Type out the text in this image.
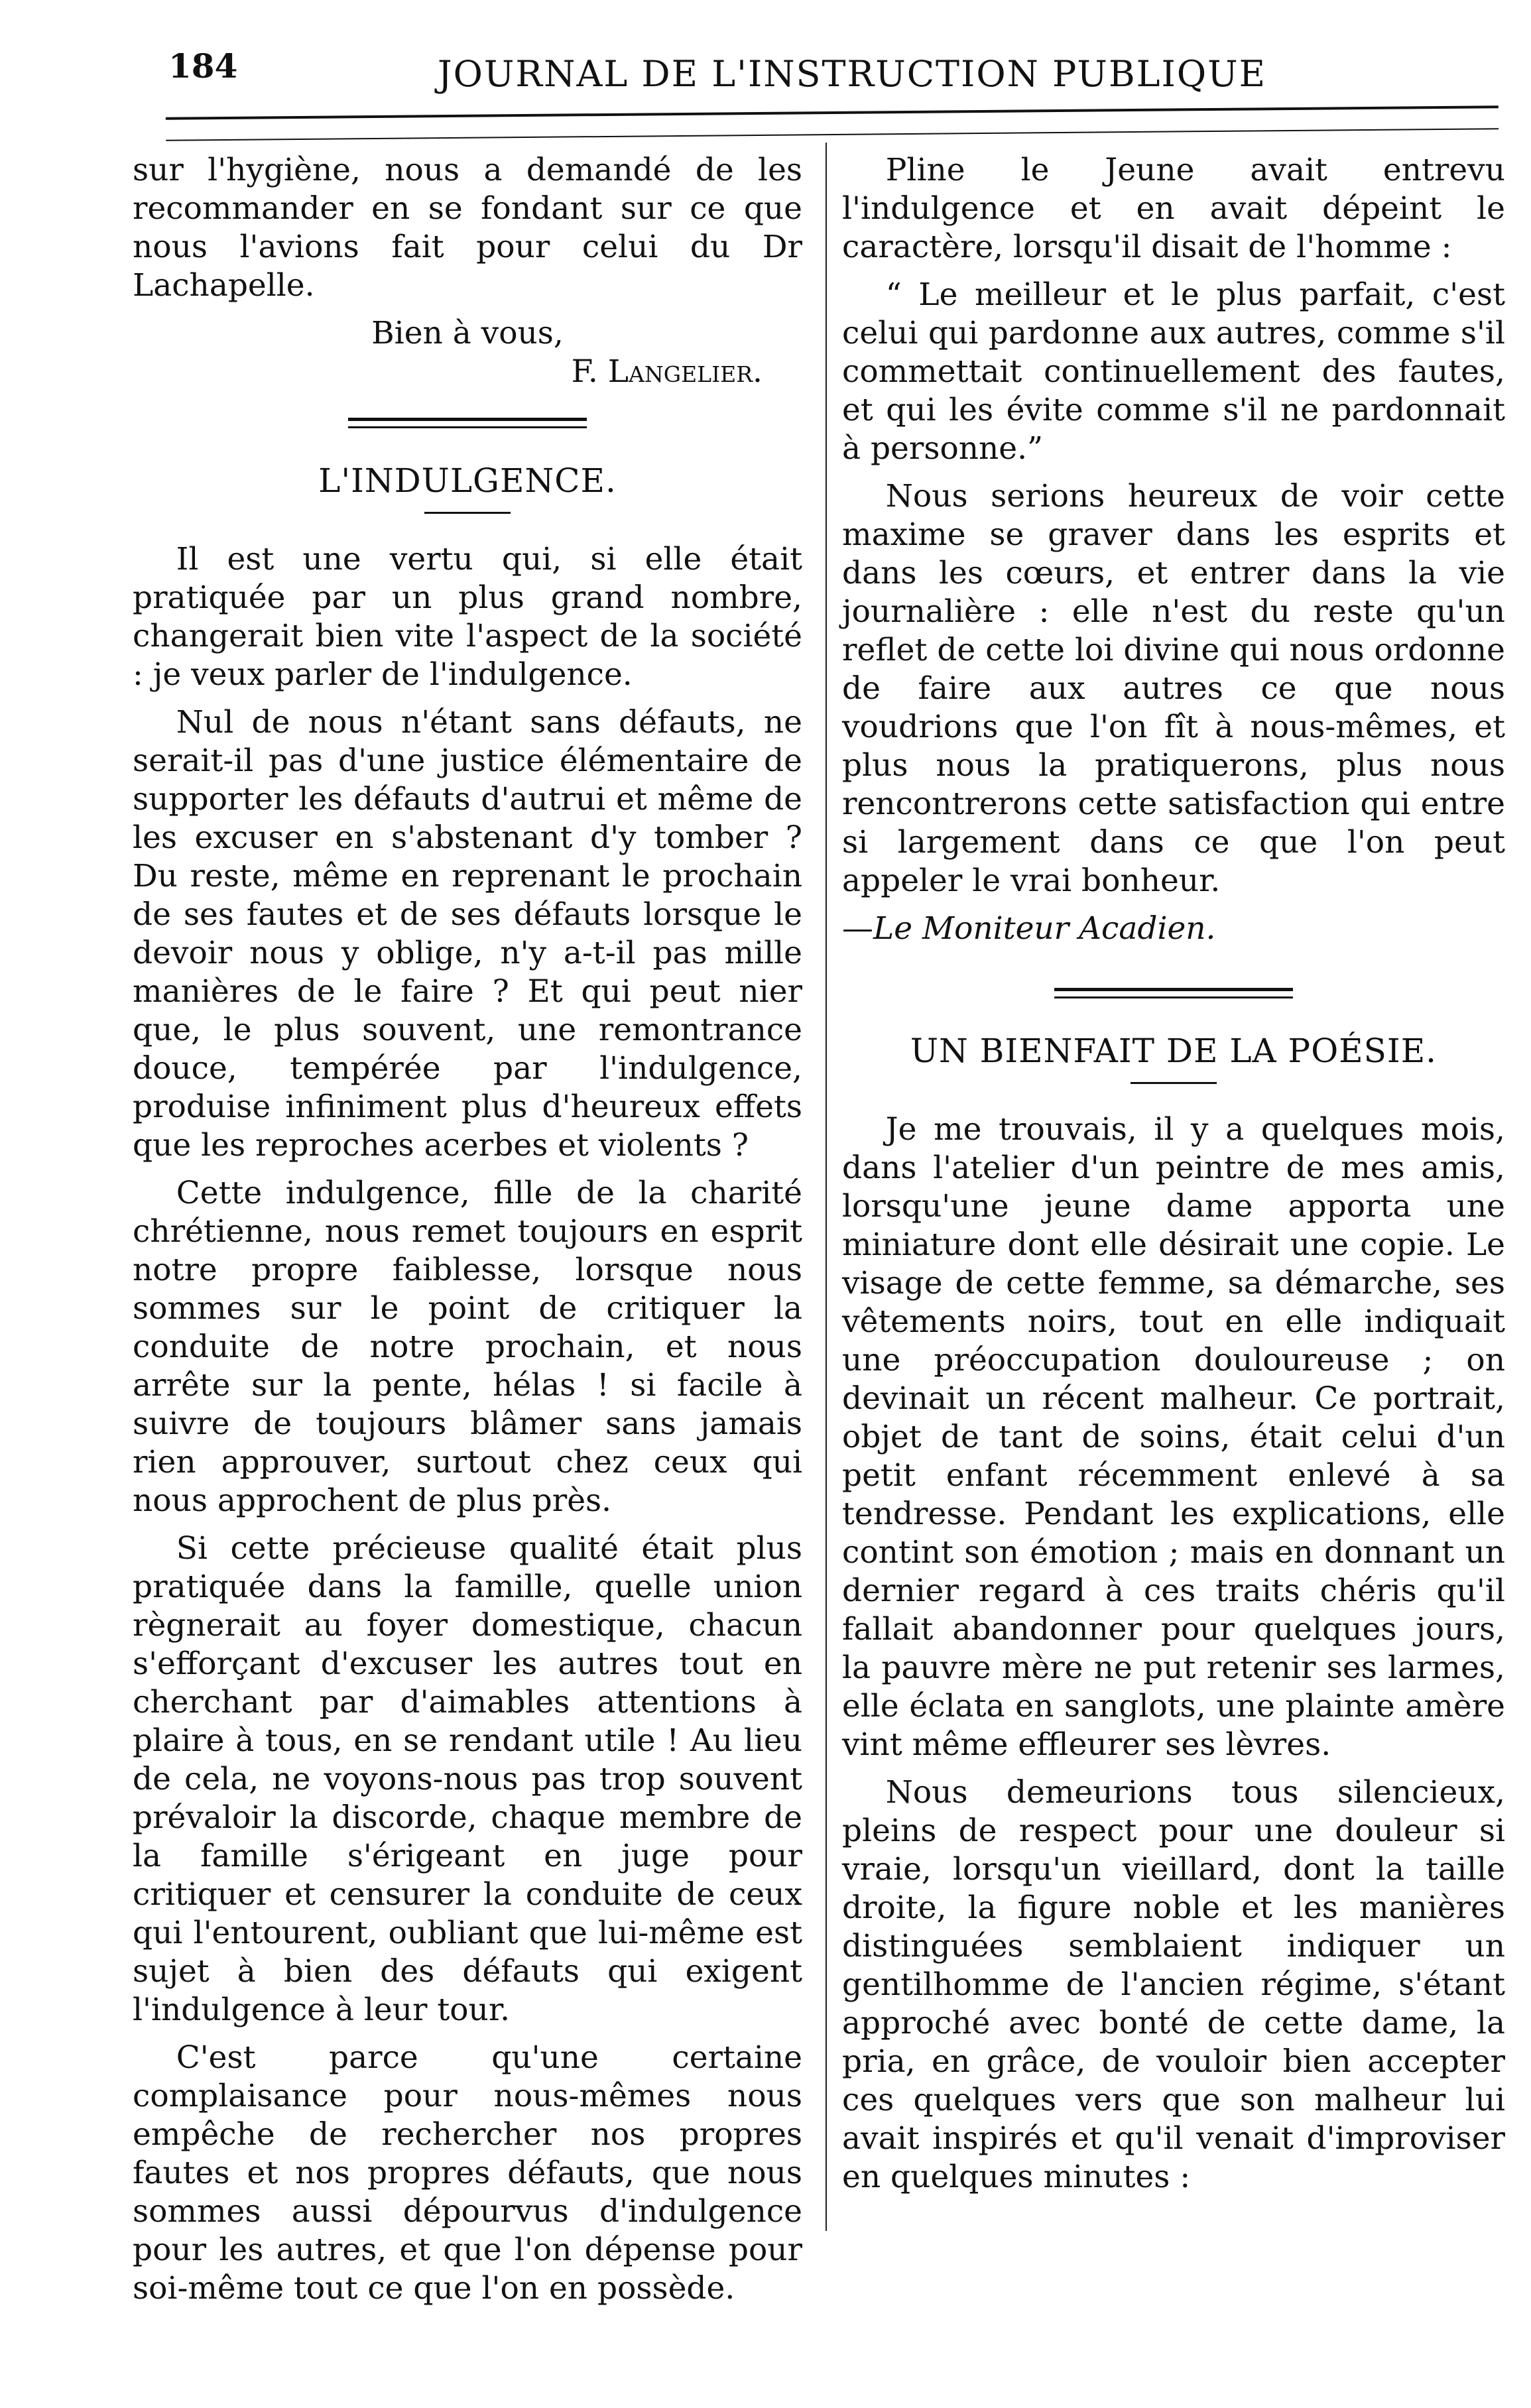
184	JOURNAL DE L'INSTRUCTION PUBLIQUE

sur l'hygiène, nous a demandé de les recommander en se fondant sur ce que nous l'avions fait pour celui du Dr Lachapelle.

Bien à vous,

F. Langelier.

L'INDULGENCE.

Il est une vertu qui, si elle était pratiquée par un plus grand nombre, changerait bien vite l'aspect de la société : je veux parler de l'indulgence.

Nul de nous n'étant sans défauts, ne serait-il pas d'une justice élémentaire de supporter les défauts d'autrui et même de les excuser en s'abstenant d'y tomber ? Du reste, même en reprenant le prochain de ses fautes et de ses défauts lorsque le devoir nous y oblige, n'y a-t-il pas mille manières de le faire ? Et qui peut nier que, le plus souvent, une remontrance douce, tempérée par l'indulgence, produise infiniment plus d'heureux effets que les reproches acerbes et violents ?

Cette indulgence, fille de la charité chrétienne, nous remet toujours en esprit notre propre faiblesse, lorsque nous sommes sur le point de critiquer la conduite de notre prochain, et nous arrête sur la pente, hélas ! si facile à suivre de toujours blâmer sans jamais rien approuver, surtout chez ceux qui nous approchent de plus près.

Si cette précieuse qualité était plus pratiquée dans la famille, quelle union règnerait au foyer domestique, chacun s'efforçant d'excuser les autres tout en cherchant par d'aimables attentions à plaire à tous, en se rendant utile ! Au lieu de cela, ne voyons-nous pas trop souvent prévaloir la discorde, chaque membre de la famille s'érigeant en juge pour critiquer et censurer la conduite de ceux qui l'entourent, oubliant que lui-même est sujet à bien des défauts qui exigent l'indulgence à leur tour.

C'est parce qu'une certaine complaisance pour nous-mêmes nous empêche de rechercher nos propres fautes et nos propres défauts, que nous sommes aussi dépourvus d'indulgence pour les autres, et que l'on dépense pour soi-même tout ce que l'on en possède.

Pline le Jeune avait entrevu l'indulgence et en avait dépeint le caractère, lorsqu'il disait de l'homme :

“ Le meilleur et le plus parfait, c'est celui qui pardonne aux autres, comme s'il commettait continuellement des fautes, et qui les évite comme s'il ne pardonnait à personne.”

Nous serions heureux de voir cette maxime se graver dans les esprits et dans les cœurs, et entrer dans la vie journalière : elle n'est du reste qu'un reflet de cette loi divine qui nous ordonne de faire aux autres ce que nous voudrions que l'on fît à nous-mêmes, et plus nous la pratiquerons, plus nous rencontrerons cette satisfaction qui entre si largement dans ce que l'on peut appeler le vrai bonheur.

—Le Moniteur Acadien.

UN BIENFAIT DE LA POÉSIE.

Je me trouvais, il y a quelques mois, dans l'atelier d'un peintre de mes amis, lorsqu'une jeune dame apporta une miniature dont elle désirait une copie. Le visage de cette femme, sa démarche, ses vêtements noirs, tout en elle indiquait une préoccupation douloureuse ; on devinait un récent malheur. Ce portrait, objet de tant de soins, était celui d'un petit enfant récemment enlevé à sa tendresse. Pendant les explications, elle contint son émotion ; mais en donnant un dernier regard à ces traits chéris qu'il fallait abandonner pour quelques jours, la pauvre mère ne put retenir ses larmes, elle éclata en sanglots, une plainte amère vint même effleurer ses lèvres.

Nous demeurions tous silencieux, pleins de respect pour une douleur si vraie, lorsqu'un vieillard, dont la taille droite, la figure noble et les manières distinguées semblaient indiquer un gentilhomme de l'ancien régime, s'étant approché avec bonté de cette dame, la pria, en grâce, de vouloir bien accepter ces quelques vers que son malheur lui avait inspirés et qu'il venait d'improviser en quelques minutes :
